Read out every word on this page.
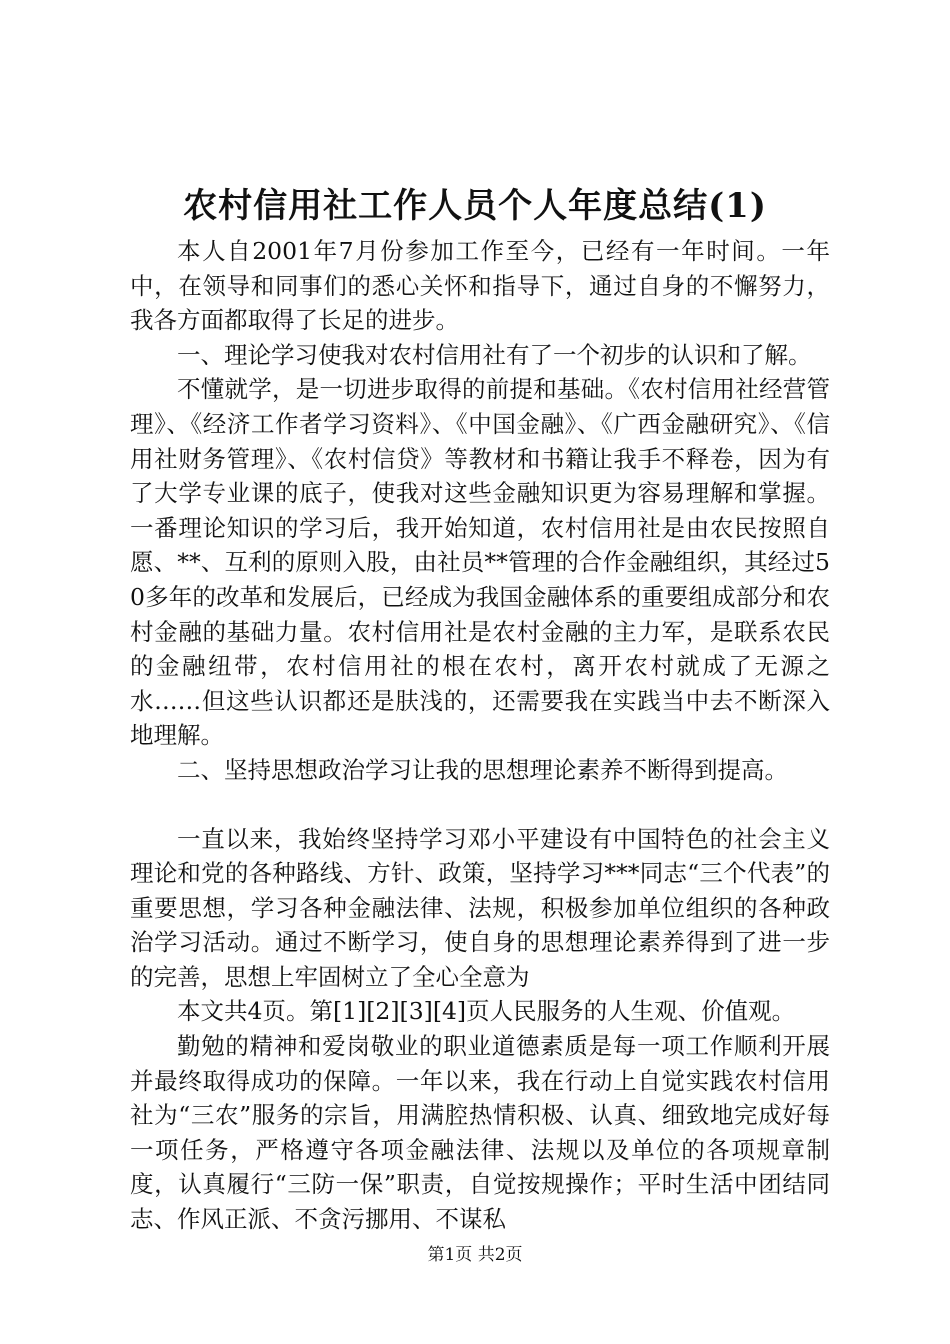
农村信用社工作人员个人年度总结(1)

本人自2001年7月份参加工作至今，已经有一年时间。一年中，在领导和同事们的悉心关怀和指导下，通过自身的不懈努力，我各方面都取得了长足的进步。

一、理论学习使我对农村信用社有了一个初步的认识和了解。

不懂就学，是一切进步取得的前提和基础。《农村信用社经营管理》、《经济工作者学习资料》、《中国金融》、《广西金融研究》、《信用社财务管理》、《农村信贷》等教材和书籍让我手不释卷，因为有了大学专业课的底子，使我对这些金融知识更为容易理解和掌握。一番理论知识的学习后，我开始知道，农村信用社是由农民按照自愿、**、互利的原则入股，由社员**管理的合作金融组织，其经过50多年的改革和发展后，已经成为我国金融体系的重要组成部分和农村金融的基础力量。农村信用社是农村金融的主力军，是联系农民的金融纽带，农村信用社的根在农村，离开农村就成了无源之水……但这些认识都还是肤浅的，还需要我在实践当中去不断深入地理解。

二、坚持思想政治学习让我的思想理论素养不断得到提高。

一直以来，我始终坚持学习邓小平建设有中国特色的社会主义理论和党的各种路线、方针、政策，坚持学习***同志“三个代表”的重要思想，学习各种金融法律、法规，积极参加单位组织的各种政治学习活动。通过不断学习，使自身的思想理论素养得到了进一步的完善，思想上牢固树立了全心全意为

本文共4页。第[1][2][3][4]页人民服务的人生观、价值观。

勤勉的精神和爱岗敬业的职业道德素质是每一项工作顺利开展并最终取得成功的保障。一年以来，我在行动上自觉实践农村信用社为“三农”服务的宗旨，用满腔热情积极、认真、细致地完成好每一项任务，严格遵守各项金融法律、法规以及单位的各项规章制度，认真履行“三防一保”职责，自觉按规操作；平时生活中团结同志、作风正派、不贪污挪用、不谋私

第1页 共2页
